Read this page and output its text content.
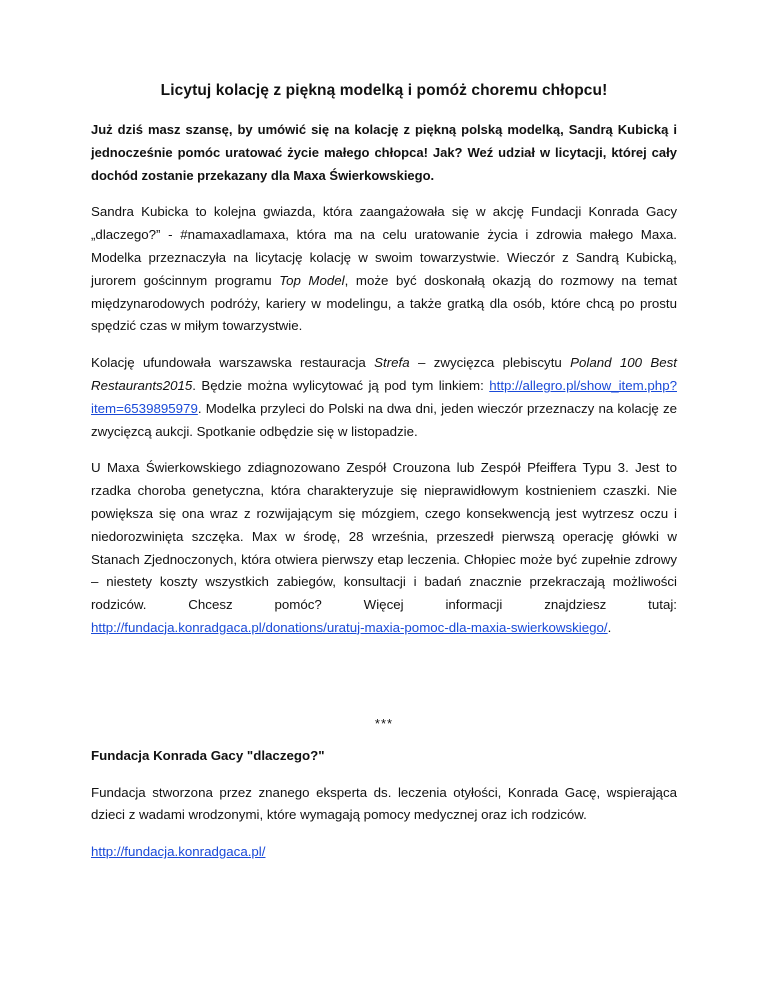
Licytuj kolację z piękną modelką i pomóż choremu chłopcu!

Już dziś masz szansę, by umówić się na kolację z piękną polską modelką, Sandrą Kubicką i jednocześnie pomóc uratować życie małego chłopca! Jak? Weź udział w licytacji, której cały dochód zostanie przekazany dla Maxa Świerkowskiego.

Sandra Kubicka to kolejna gwiazda, która zaangażowała się w akcję Fundacji Konrada Gacy „dlaczego?” - #namaxadlamaxa, która ma na celu uratowanie życia i zdrowia małego Maxa. Modelka przeznaczyła na licytację kolację w swoim towarzystwie. Wieczór z Sandrą Kubicką, jurorem gościnnym programu Top Model, może być doskonałą okazją do rozmowy na temat międzynarodowych podróży, kariery w modelingu, a także gratką dla osób, które chcą po prostu spędzić czas w miłym towarzystwie.

Kolację ufundowała warszawska restauracja Strefa – zwycięzca plebiscytu Poland 100 Best Restaurants2015. Będzie można wylicytować ją pod tym linkiem: http://allegro.pl/show_item.php?item=6539895979. Modelka przyleci do Polski na dwa dni, jeden wieczór przeznaczy na kolację ze zwycięzcą aukcji. Spotkanie odbędzie się w listopadzie.

U Maxa Świerkowskiego zdiagnozowano Zespół Crouzona lub Zespół Pfeiffera Typu 3. Jest to rzadka choroba genetyczna, która charakteryzuje się nieprawidłowym kostnieniem czaszki. Nie powiększa się ona wraz z rozwijającym się mózgiem, czego konsekwencją jest wytrzesz oczu i niedorozwinięta szczęka. Max w środę, 28 września, przeszedł pierwszą operację główki w Stanach Zjednoczonych, która otwiera pierwszy etap leczenia. Chłopiec może być zupełnie zdrowy – niestety koszty wszystkich zabiegów, konsultacji i badań znacznie przekraczają możliwości rodziców. Chcesz pomóc? Więcej informacji znajdziesz tutaj: http://fundacja.konradgaca.pl/donations/uratuj-maxia-pomoc-dla-maxia-swierkowskiego/.

***

Fundacja Konrada Gacy "dlaczego?"

Fundacja stworzona przez znanego eksperta ds. leczenia otyłości, Konrada Gacę, wspierająca dzieci z wadami wrodzonymi, które wymagają pomocy medycznej oraz ich rodziców.

http://fundacja.konradgaca.pl/
